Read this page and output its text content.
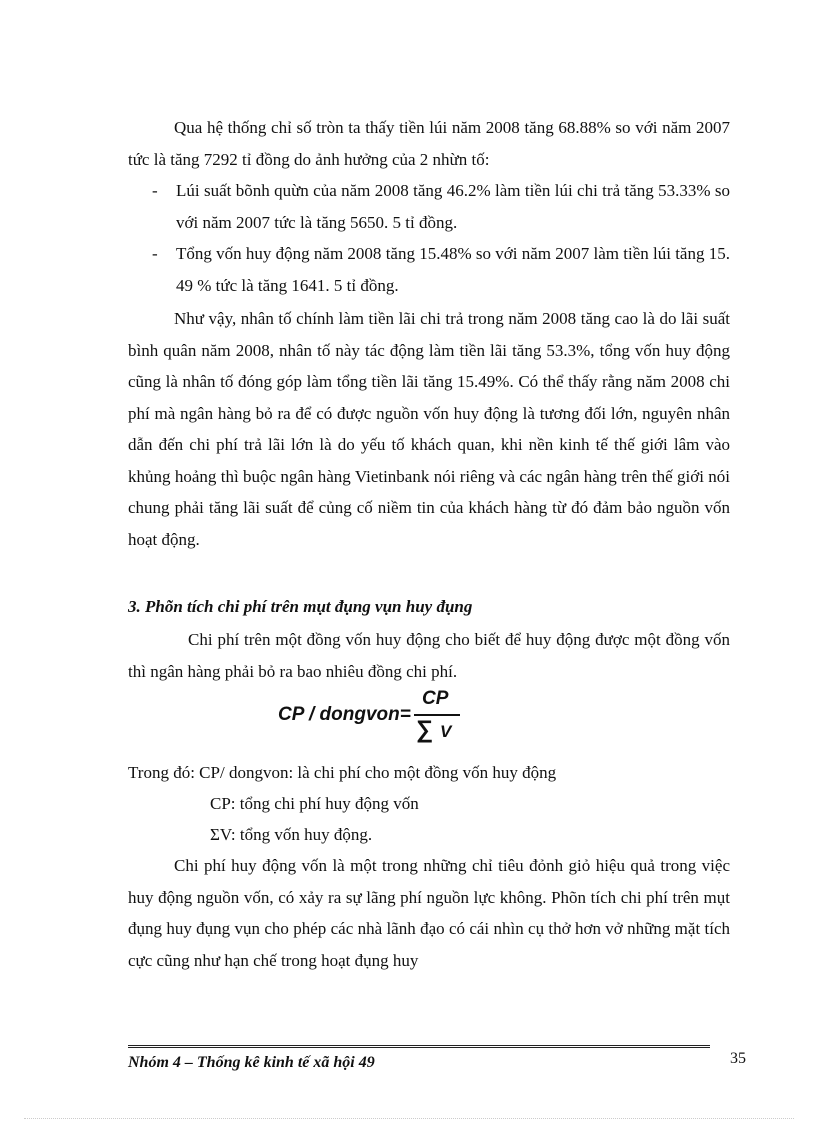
Qua hệ thống chỉ số tròn ta thấy tiền lúi năm 2008 tăng 68.88% so với năm 2007 tức là tăng 7292 tỉ đồng do ảnh hưởng của 2 nhừn tố:

- Lúi suất bõnh quừn của năm 2008 tăng 46.2% làm tiền lúi chi trả tăng 53.33% so với năm 2007 tức là tăng 5650. 5 tỉ đồng.
- Tổng vốn huy động năm 2008 tăng 15.48% so với năm 2007 làm tiền lúi tăng 15. 49 % tức là tăng 1641. 5 tỉ đồng.

Như vậy, nhân tố chính làm tiền lãi chi trả trong năm 2008 tăng cao là do lãi suất bình quân năm 2008, nhân tố này tác động làm tiền lãi tăng 53.3%, tổng vốn huy động cũng là nhân tố đóng góp làm tổng tiền lãi tăng 15.49%. Có thể thấy rằng năm 2008 chi phí mà ngân hàng bỏ ra để có được nguồn vốn huy động là tương đối lớn, nguyên nhân dẫn đến chi phí trả lãi lớn là do yếu tố khách quan, khi nền kinh tế thế giới lâm vào khủng hoảng thì buộc ngân hàng Vietinbank nói riêng và các ngân hàng trên thế giới nói chung phải tăng lãi suất để củng cố niềm tin của khách hàng từ đó đảm bảo nguồn vốn hoạt động.

3. Phõn tích chi phí trên mụt đụng vụn huy đụng

Chi phí trên một đồng vốn huy động cho biết để huy động được một đồng vốn thì ngân hàng phải bỏ ra bao nhiêu đồng chi phí.

CP / dongvon=
CP
∑ V
Trong đó: CP/ dongvon: là chi phí cho một đồng vốn huy động
CP: tổng chi phí huy động vốn
ΣV: tổng vốn huy động.

Chi phí huy động vốn là một trong những chỉ tiêu đỏnh giỏ hiệu quả trong việc huy động nguồn vốn, có xảy ra sự lãng phí nguồn lực không. Phõn tích chi phí trên mụt đụng huy đụng vụn cho phép các nhà lãnh đạo có cái nhìn cụ thở hơn vở những mặt tích cực cũng như hạn chế trong hoạt đụng huy

Nhóm 4 – Thống kê kinh tế xã hội 49	35
